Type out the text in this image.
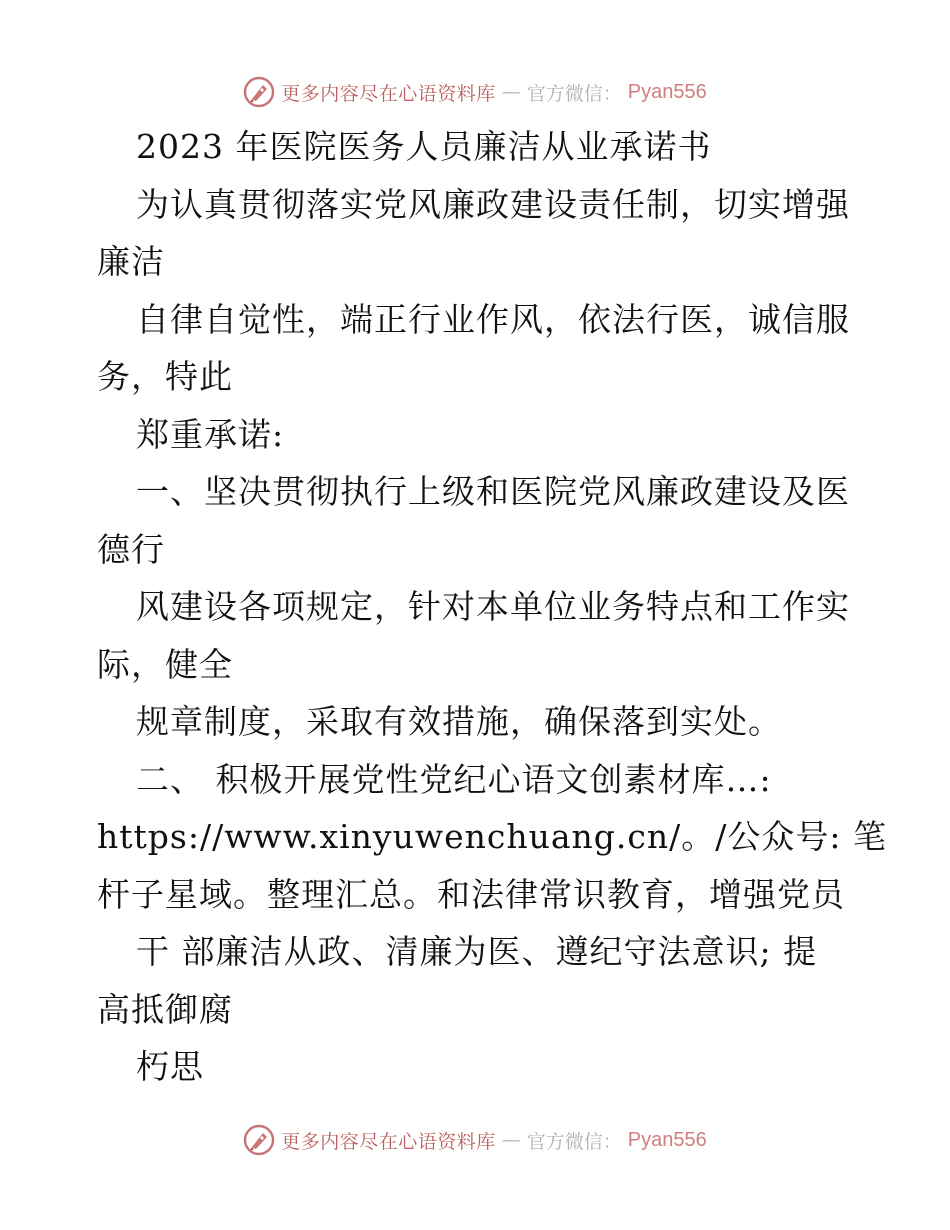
更多内容尽在心语资料库 — 官方微信： Pyan556
2023 年医院医务人员廉洁从业承诺书
为认真贯彻落实党风廉政建设责任制，切实增强
廉洁
自律自觉性，端正行业作风，依法行医，诚信服
务，特此
郑重承诺:
一、坚决贯彻执行上级和医院党风廉政建设及医
德行
风建设各项规定，针对本单位业务特点和工作实
际，健全
规章制度，采取有效措施，确保落到实处。
二、 积极开展党性党纪心语文创素材库…:
https://www.xinyuwenchuang.cn/。/公众号: 笔
杆子星域。整理汇总。和法律常识教育，增强党员
干 部廉洁从政、清廉为医、遵纪守法意识; 提
高抵御腐
朽思
更多内容尽在心语资料库 — 官方微信： Pyan556
